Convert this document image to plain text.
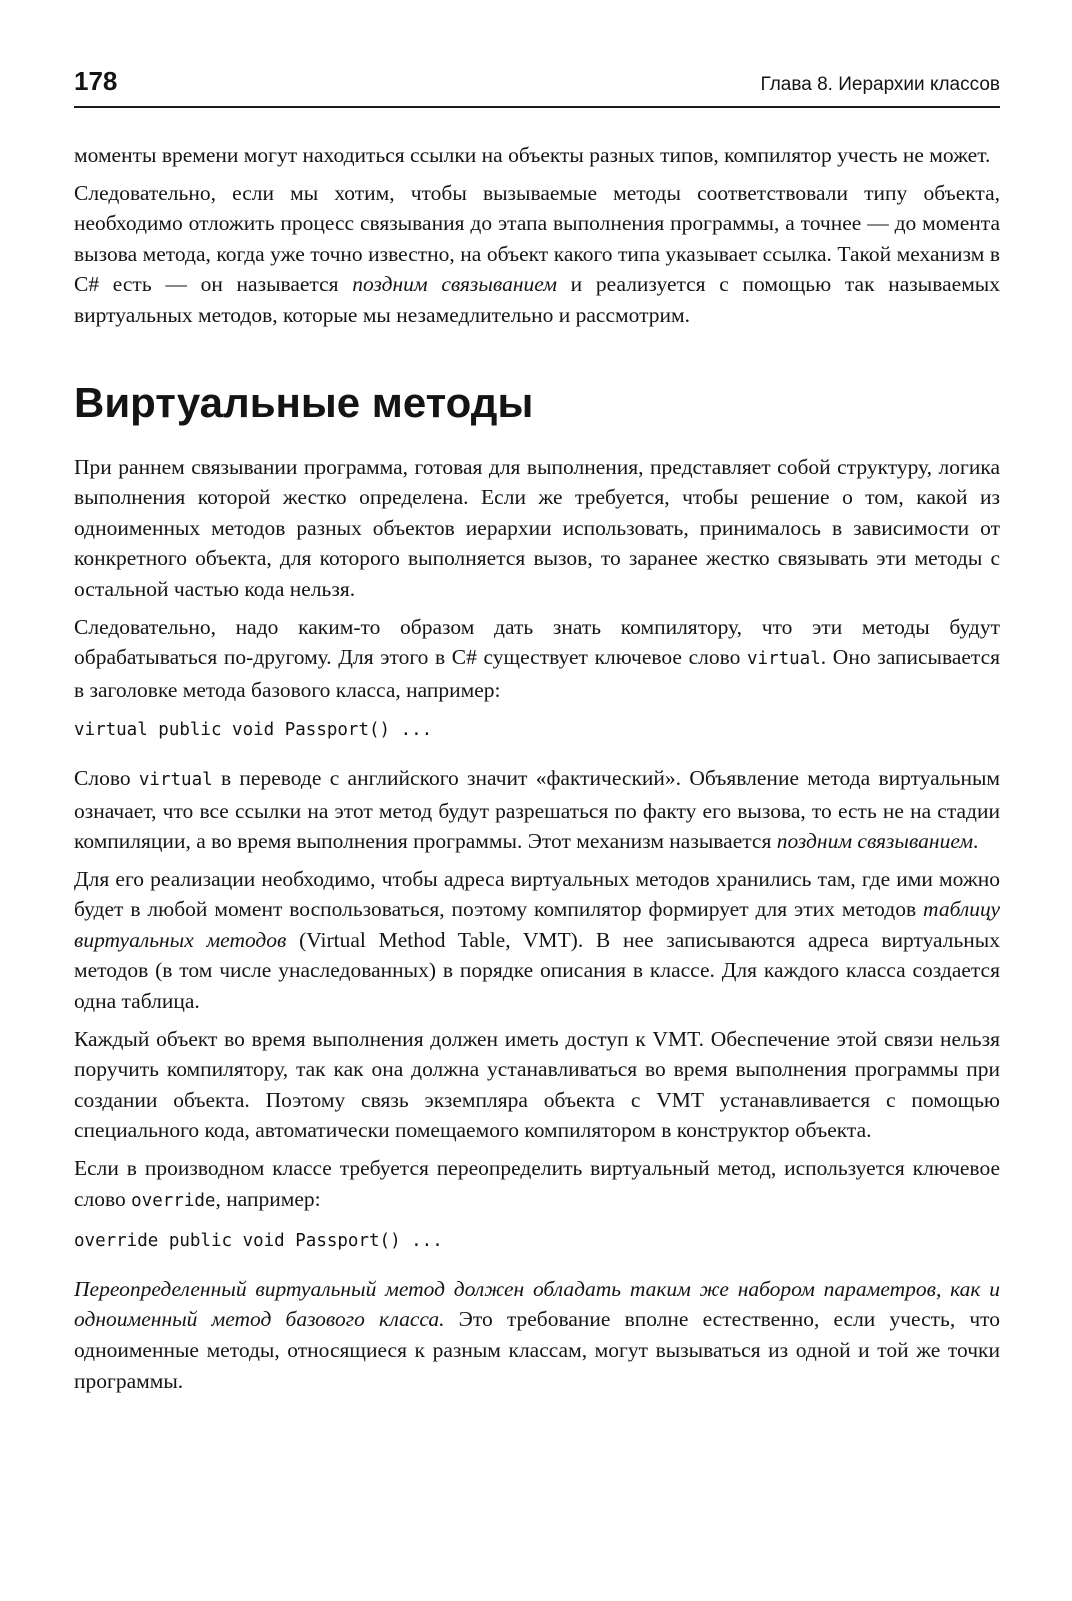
178	Глава 8. Иерархии классов

моменты времени могут находиться ссылки на объекты разных типов, компилятор учесть не может.

Следовательно, если мы хотим, чтобы вызываемые методы соответствовали типу объекта, необходимо отложить процесс связывания до этапа выполнения программы, а точнее — до момента вызова метода, когда уже точно известно, на объект какого типа указывает ссылка. Такой механизм в C# есть — он называется поздним связыванием и реализуется с помощью так называемых виртуальных методов, которые мы незамедлительно и рассмотрим.

Виртуальные методы

При раннем связывании программа, готовая для выполнения, представляет собой структуру, логика выполнения которой жестко определена. Если же требуется, чтобы решение о том, какой из одноименных методов разных объектов иерархии использовать, принималось в зависимости от конкретного объекта, для которого выполняется вызов, то заранее жестко связывать эти методы с остальной частью кода нельзя.

Следовательно, надо каким-то образом дать знать компилятору, что эти методы будут обрабатываться по-другому. Для этого в C# существует ключевое слово virtual. Оно записывается в заголовке метода базового класса, например:

virtual public void Passport() ...

Слово virtual в переводе с английского значит «фактический». Объявление метода виртуальным означает, что все ссылки на этот метод будут разрешаться по факту его вызова, то есть не на стадии компиляции, а во время выполнения программы. Этот механизм называется поздним связыванием.

Для его реализации необходимо, чтобы адреса виртуальных методов хранились там, где ими можно будет в любой момент воспользоваться, поэтому компилятор формирует для этих методов таблицу виртуальных методов (Virtual Method Table, VMT). В нее записываются адреса виртуальных методов (в том числе унаследованных) в порядке описания в классе. Для каждого класса создается одна таблица.

Каждый объект во время выполнения должен иметь доступ к VMT. Обеспечение этой связи нельзя поручить компилятору, так как она должна устанавливаться во время выполнения программы при создании объекта. Поэтому связь экземпляра объекта с VMT устанавливается с помощью специального кода, автоматически помещаемого компилятором в конструктор объекта.

Если в производном классе требуется переопределить виртуальный метод, используется ключевое слово override, например:

override public void Passport() ...

Переопределенный виртуальный метод должен обладать таким же набором параметров, как и одноименный метод базового класса. Это требование вполне естественно, если учесть, что одноименные методы, относящиеся к разным классам, могут вызываться из одной и той же точки программы.
